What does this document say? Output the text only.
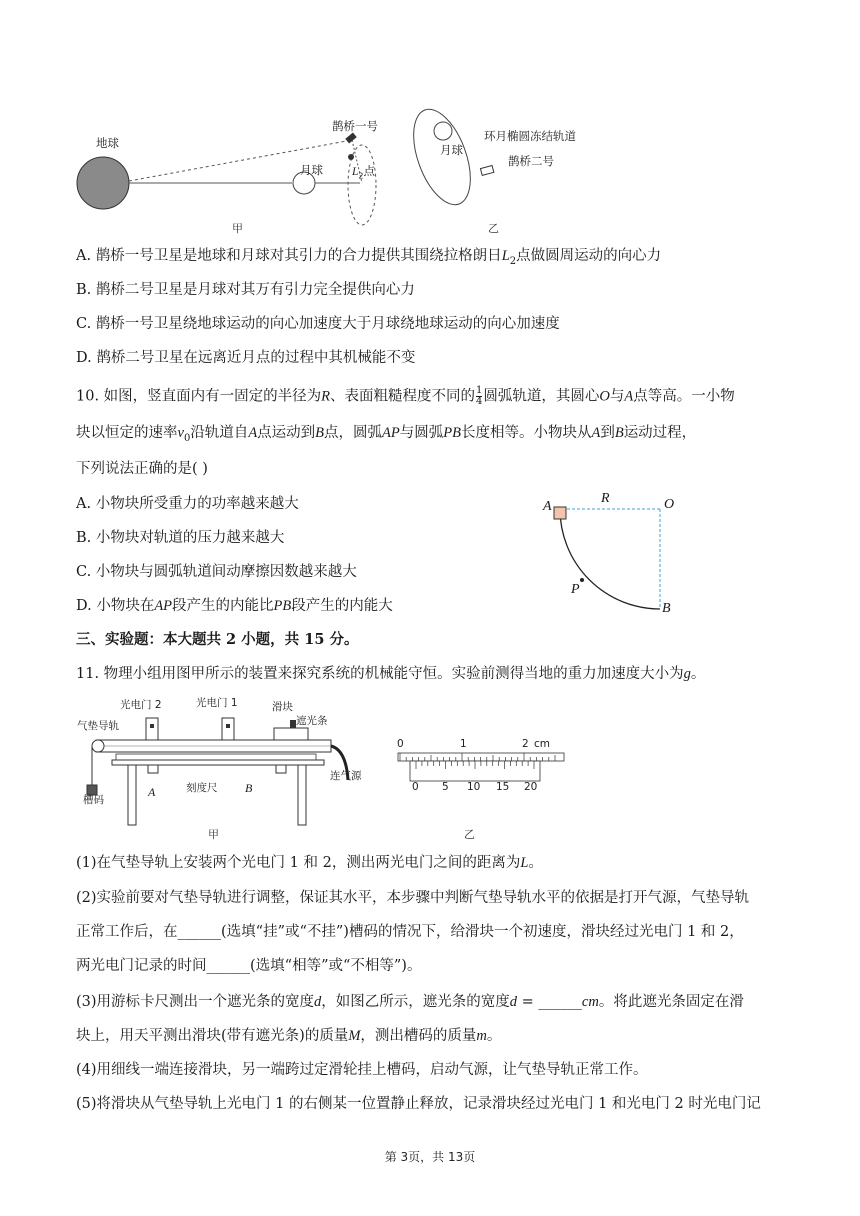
地球
月球
鹊桥一号
$L_2$点
甲
月球
环月椭圆冻结轨道
鹊桥二号
乙
A. 鹊桥一号卫星是地球和月球对其引力的合力提供其围绕拉格朗日$L_2$点做圆周运动的向心力
B. 鹊桥二号卫星是月球对其万有引力完全提供向心力
C. 鹊桥一号卫星绕地球运动的向心加速度大于月球绕地球运动的向心加速度
D. 鹊桥二号卫星在远离近月点的过程中其机械能不变
10. 如图，竖直面内有一固定的半径为R、表面粗糙程度不同的 $\frac{1}{4}$ 圆弧轨道，其圆心O与A点等高。一小物
块以恒定的速率$v_0$沿轨道自A点运动到B点，圆弧AP与圆弧PB长度相等。小物块从A到B运动过程，
下列说法正确的是( )
A. 小物块所受重力的功率越来越大
B. 小物块对轨道的压力越来越大
C. 小物块与圆弧轨道间动摩擦因数越来越大
D. 小物块在AP段产生的内能比PB段产生的内能大
A
R	O
P
B
三、实验题：本大题共 2 小题，共 15 分。
11. 物理小组用图甲所示的装置来探究系统的机械能守恒。实验前测得当地的重力加速度大小为g。
光电门 2	光电门 1	滑块
遮光条
气垫导轨
连气源
槽码
刻度尺
A	B
甲
0	1	2 cm
0 5 10 15 20
乙
(1)在气垫导轨上安装两个光电门 1 和 2，测出两光电门之间的距离为L。
(2)实验前要对气垫导轨进行调整，保证其水平，本步骤中判断气垫导轨水平的依据是打开气源，气垫导轨
正常工作后，在______(选填“挂”或“不挂”)槽码的情况下，给滑块一个初速度，滑块经过光电门 1 和 2，
两光电门记录的时间______(选填“相等”或“不相等”)。
(3)用游标卡尺测出一个遮光条的宽度d，如图乙所示，遮光条的宽度d = ______cm。将此遮光条固定在滑
块上，用天平测出滑块(带有遮光条)的质量M，测出槽码的质量m。
(4)用细线一端连接滑块，另一端跨过定滑轮挂上槽码，启动气源，让气垫导轨正常工作。
(5)将滑块从气垫导轨上光电门 1 的右侧某一位置静止释放，记录滑块经过光电门 1 和光电门 2 时光电门记
第 3页，共 13页
